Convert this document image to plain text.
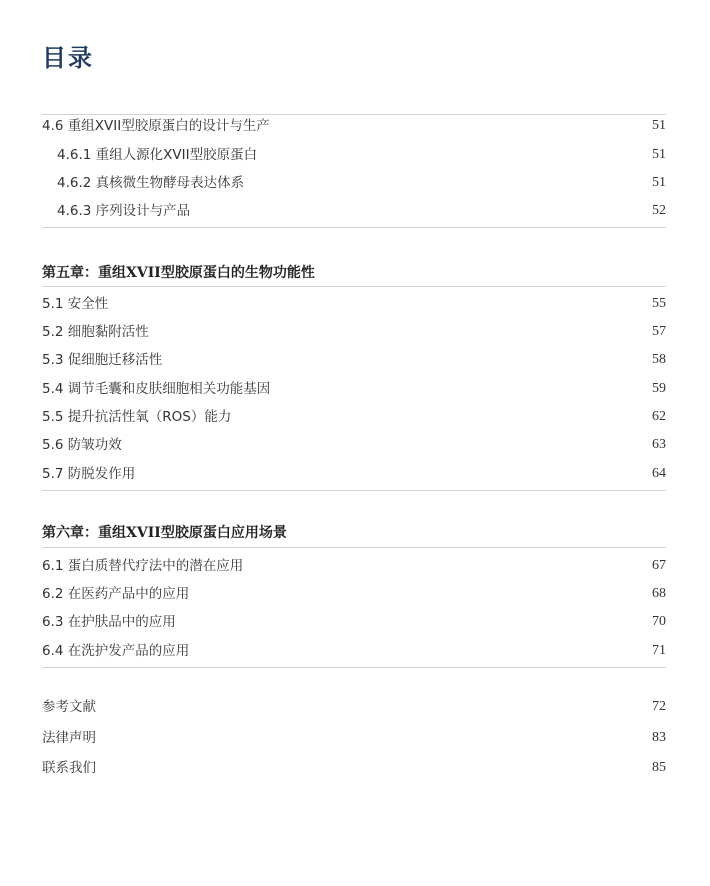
目录
4.6 重组XVII型胶原蛋白的设计与生产	51
4.6.1 重组人源化XVII型胶原蛋白	51
4.6.2 真核微生物酵母表达体系	51
4.6.3 序列设计与产品	52
第五章：重组XVII型胶原蛋白的生物功能性
5.1 安全性	55
5.2 细胞黏附活性	57
5.3 促细胞迁移活性	58
5.4 调节毛囊和皮肤细胞相关功能基因	59
5.5 提升抗活性氧（ROS）能力	62
5.6 防皱功效	63
5.7 防脱发作用	64
第六章：重组XVII型胶原蛋白应用场景
6.1 蛋白质替代疗法中的潜在应用	67
6.2 在医药产品中的应用	68
6.3 在护肤品中的应用	70
6.4 在洗护发产品的应用	71
参考文献	72
法律声明	83
联系我们	85
